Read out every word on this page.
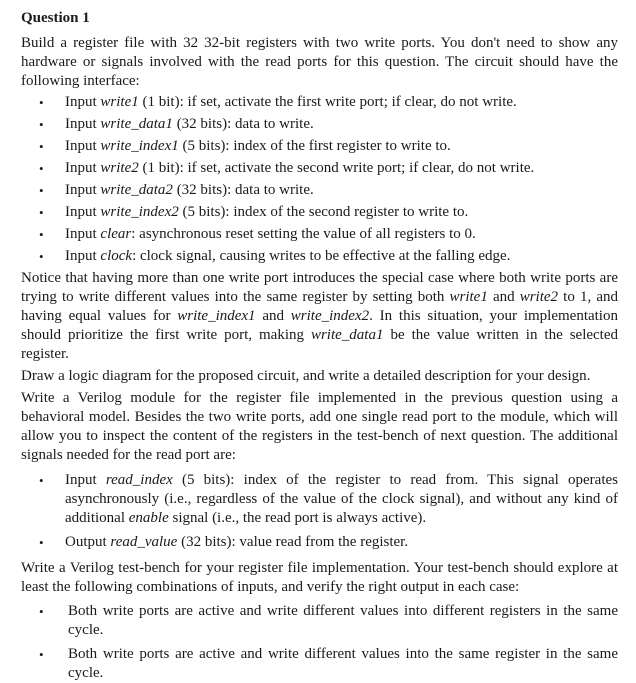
Question 1

Build a register file with 32 32-bit registers with two write ports. You don't need to show any hardware or signals involved with the read ports for this question. The circuit should have the following interface:

• Input write1 (1 bit): if set, activate the first write port; if clear, do not write.
• Input write_data1 (32 bits): data to write.
• Input write_index1 (5 bits): index of the first register to write to.
• Input write2 (1 bit): if set, activate the second write port; if clear, do not write.
• Input write_data2 (32 bits): data to write.
• Input write_index2 (5 bits): index of the second register to write to.
• Input clear: asynchronous reset setting the value of all registers to 0.
• Input clock: clock signal, causing writes to be effective at the falling edge.

Notice that having more than one write port introduces the special case where both write ports are trying to write different values into the same register by setting both write1 and write2 to 1, and having equal values for write_index1 and write_index2. In this situation, your implementation should prioritize the first write port, making write_data1 be the value written in the selected register.

Draw a logic diagram for the proposed circuit, and write a detailed description for your design.

Write a Verilog module for the register file implemented in the previous question using a behavioral model. Besides the two write ports, add one single read port to the module, which will allow you to inspect the content of the registers in the test-bench of next question. The additional signals needed for the read port are:

• Input read_index (5 bits): index of the register to read from. This signal operates asynchronously (i.e., regardless of the value of the clock signal), and without any kind of additional enable signal (i.e., the read port is always active).
• Output read_value (32 bits): value read from the register.

Write a Verilog test-bench for your register file implementation. Your test-bench should explore at least the following combinations of inputs, and verify the right output in each case:

• Both write ports are active and write different values into different registers in the same cycle.
• Both write ports are active and write different values into the same register in the same cycle.
